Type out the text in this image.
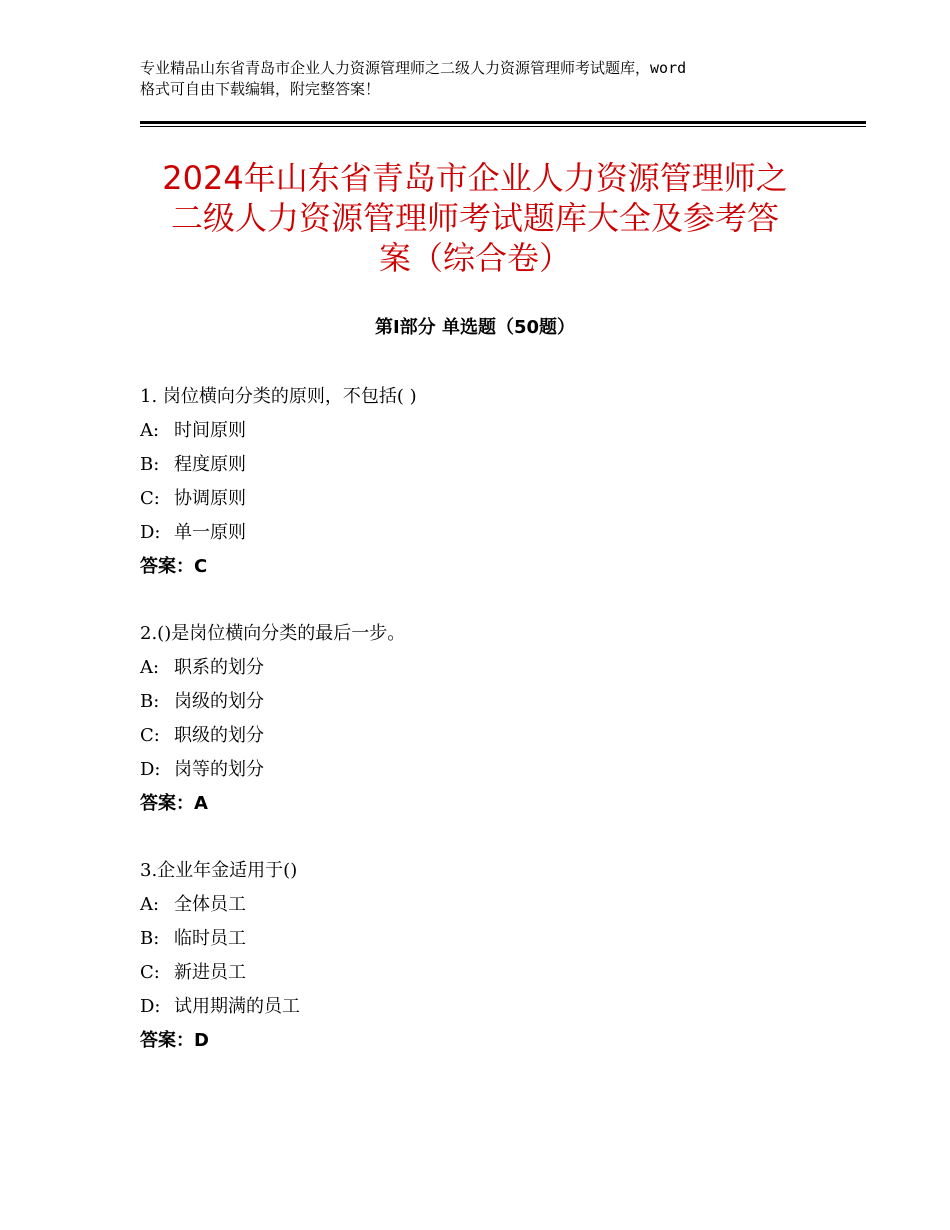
专业精品山东省青岛市企业人力资源管理师之二级人力资源管理师考试题库，word
格式可自由下载编辑，附完整答案！
2024年山东省青岛市企业人力资源管理师之
二级人力资源管理师考试题库大全及参考答
案（综合卷）
第Ⅰ部分 单选题（50题）
1. 岗位横向分类的原则，不包括( )
A: 时间原则
B: 程度原则
C: 协调原则
D: 单一原则
答案：C
2.()是岗位横向分类的最后一步。
A: 职系的划分
B: 岗级的划分
C: 职级的划分
D: 岗等的划分
答案：A
3.企业年金适用于()
A: 全体员工
B: 临时员工
C: 新进员工
D: 试用期满的员工
答案：D
